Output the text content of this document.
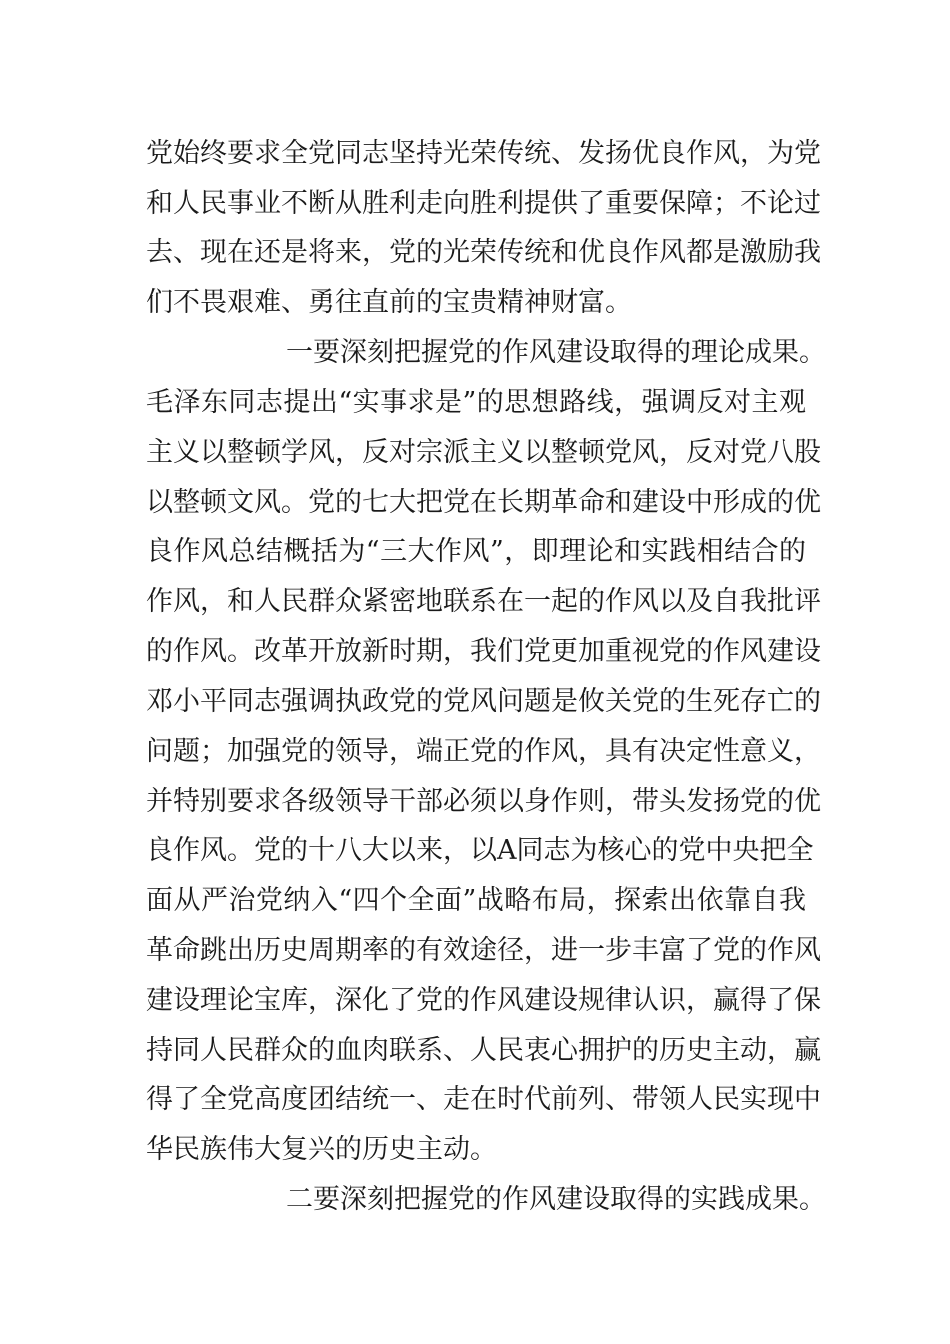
党始终要求全党同志坚持光荣传统、发扬优良作风，为党
和人民事业不断从胜利走向胜利提供了重要保障；不论过
去、现在还是将来，党的光荣传统和优良作风都是激励我
们不畏艰难、勇往直前的宝贵精神财富。
一要深刻把握党的作风建设取得的理论成果。
毛泽东同志提出“实事求是”的思想路线，强调反对主观
主义以整顿学风，反对宗派主义以整顿党风，反对党八股
以整顿文风。党的七大把党在长期革命和建设中形成的优
良作风总结概括为“三大作风”，即理论和实践相结合的
作风，和人民群众紧密地联系在一起的作风以及自我批评
的作风。改革开放新时期，我们党更加重视党的作风建设
邓小平同志强调执政党的党风问题是攸关党的生死存亡的
问题；加强党的领导，端正党的作风，具有决定性意义，
并特别要求各级领导干部必须以身作则，带头发扬党的优
良作风。党的十八大以来，以A同志为核心的党中央把全
面从严治党纳入“四个全面”战略布局，探索出依靠自我
革命跳出历史周期率的有效途径，进一步丰富了党的作风
建设理论宝库，深化了党的作风建设规律认识，赢得了保
持同人民群众的血肉联系、人民衷心拥护的历史主动，赢
得了全党高度团结统一、走在时代前列、带领人民实现中
华民族伟大复兴的历史主动。
二要深刻把握党的作风建设取得的实践成果。
